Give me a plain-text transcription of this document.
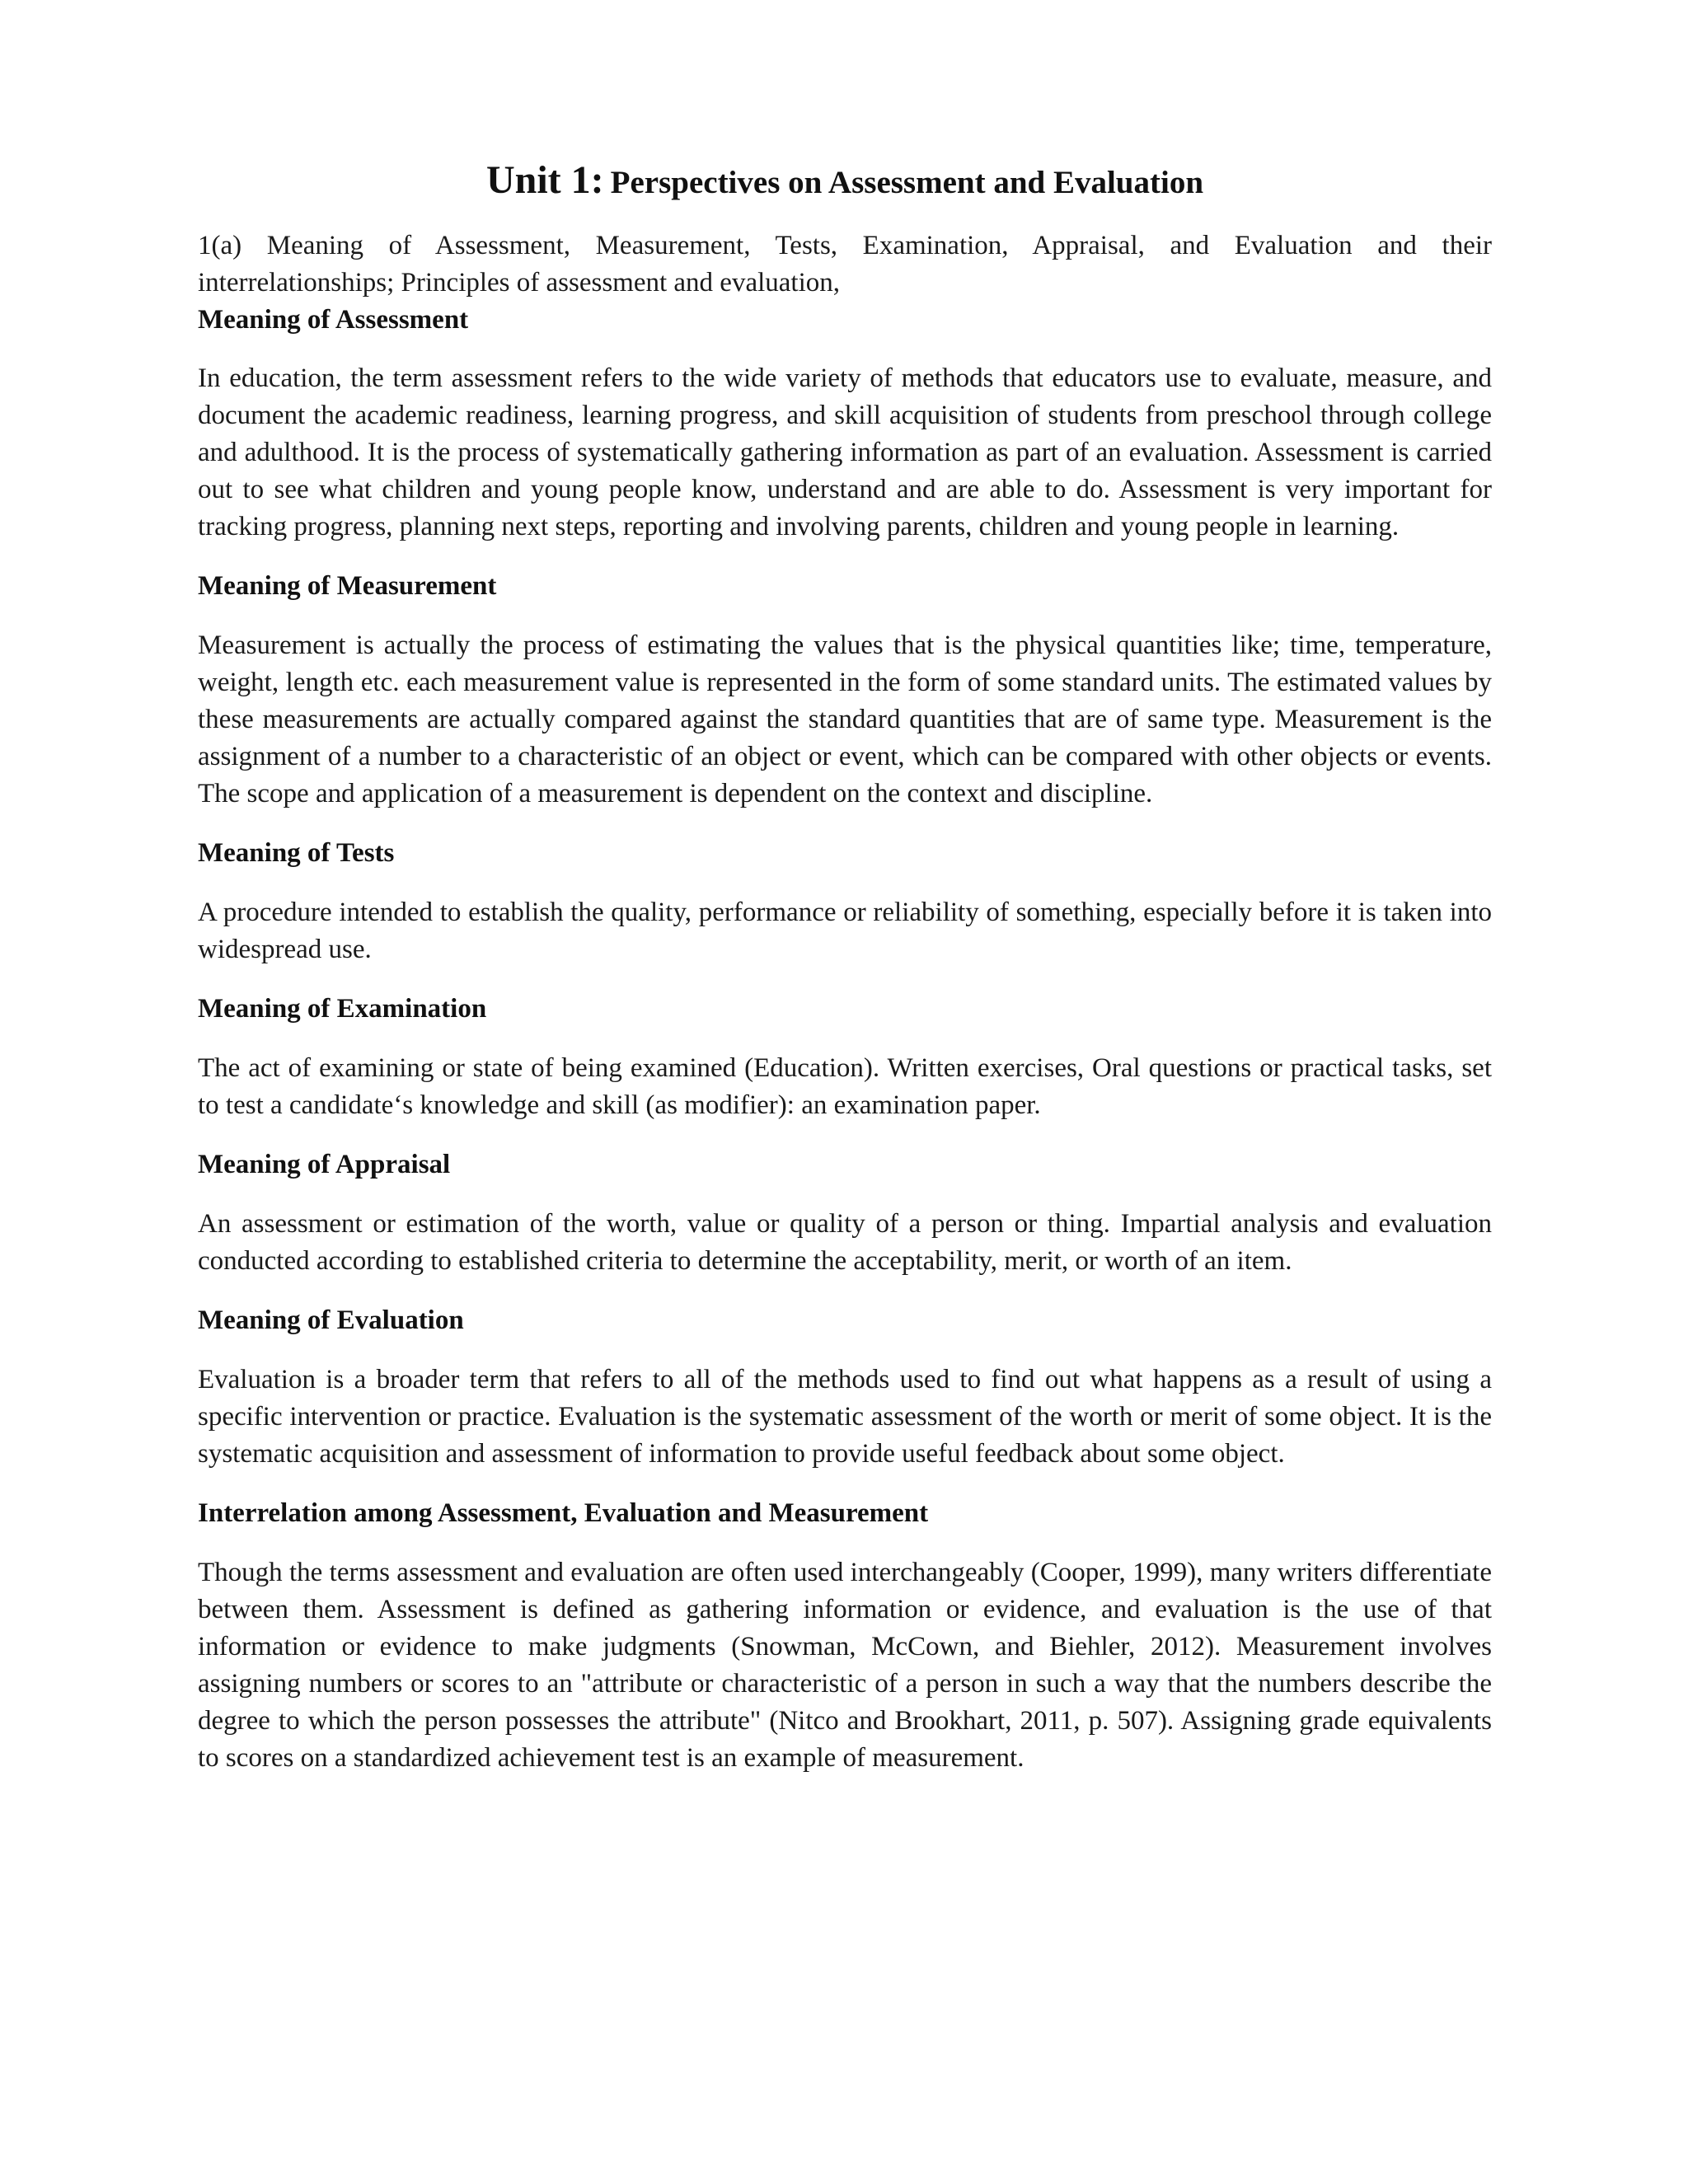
Unit 1: Perspectives on Assessment and Evaluation

1(a) Meaning of Assessment, Measurement, Tests, Examination, Appraisal, and Evaluation and their interrelationships; Principles of assessment and evaluation,

Meaning of Assessment

In education, the term assessment refers to the wide variety of methods that educators use to evaluate, measure, and document the academic readiness, learning progress, and skill acquisition of students from preschool through college and adulthood. It is the process of systematically gathering information as part of an evaluation. Assessment is carried out to see what children and young people know, understand and are able to do. Assessment is very important for tracking progress, planning next steps, reporting and involving parents, children and young people in learning.

Meaning of Measurement

Measurement is actually the process of estimating the values that is the physical quantities like; time, temperature, weight, length etc. each measurement value is represented in the form of some standard units. The estimated values by these measurements are actually compared against the standard quantities that are of same type. Measurement is the assignment of a number to a characteristic of an object or event, which can be compared with other objects or events. The scope and application of a measurement is dependent on the context and discipline.

Meaning of Tests

A procedure intended to establish the quality, performance or reliability of something, especially before it is taken into widespread use.

Meaning of Examination

The act of examining or state of being examined (Education). Written exercises, Oral questions or practical tasks, set to test a candidate‘s knowledge and skill (as modifier): an examination paper.

Meaning of Appraisal

An assessment or estimation of the worth, value or quality of a person or thing. Impartial analysis and evaluation conducted according to established criteria to determine the acceptability, merit, or worth of an item.

Meaning of Evaluation

Evaluation is a broader term that refers to all of the methods used to find out what happens as a result of using a specific intervention or practice. Evaluation is the systematic assessment of the worth or merit of some object. It is the systematic acquisition and assessment of information to provide useful feedback about some object.

Interrelation among Assessment, Evaluation and Measurement

Though the terms assessment and evaluation are often used interchangeably (Cooper, 1999), many writers differentiate between them. Assessment is defined as gathering information or evidence, and evaluation is the use of that information or evidence to make judgments (Snowman, McCown, and Biehler, 2012). Measurement involves assigning numbers or scores to an "attribute or characteristic of a person in such a way that the numbers describe the degree to which the person possesses the attribute" (Nitco and Brookhart, 2011, p. 507). Assigning grade equivalents to scores on a standardized achievement test is an example of measurement.
